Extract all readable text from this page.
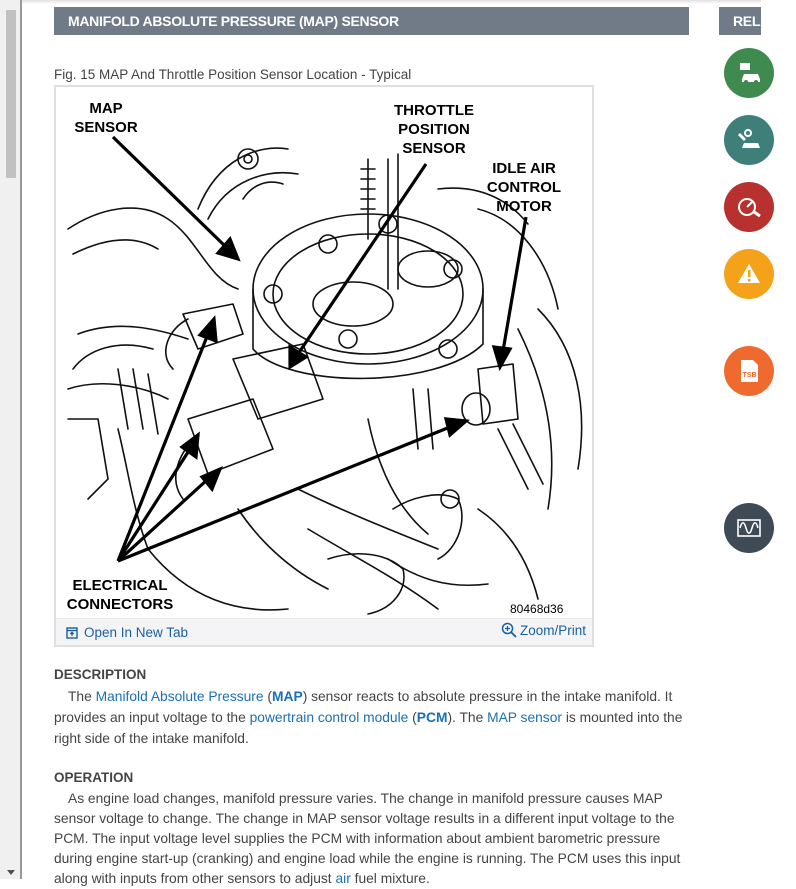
MANIFOLD ABSOLUTE PRESSURE (MAP) SENSOR	RELATED
Fig. 15 MAP And Throttle Position Sensor Location - Typical
MAP
SENSOR
THROTTLE
POSITION
SENSOR
IDLE AIR
CONTROL
MOTOR
ELECTRICAL
CONNECTORS	80468d36
Open In New Tab	Zoom/Print
DESCRIPTION
The Manifold Absolute Pressure (MAP) sensor reacts to absolute pressure in the intake manifold. It provides an input voltage to the powertrain control module (PCM). The MAP sensor is mounted into the right side of the intake manifold.
OPERATION
As engine load changes, manifold pressure varies. The change in manifold pressure causes MAP sensor voltage to change. The change in MAP sensor voltage results in a different input voltage to the PCM. The input voltage level supplies the PCM with information about ambient barometric pressure during engine start-up (cranking) and engine load while the engine is running. The PCM uses this input along with inputs from other sensors to adjust air fuel mixture.
TSB
